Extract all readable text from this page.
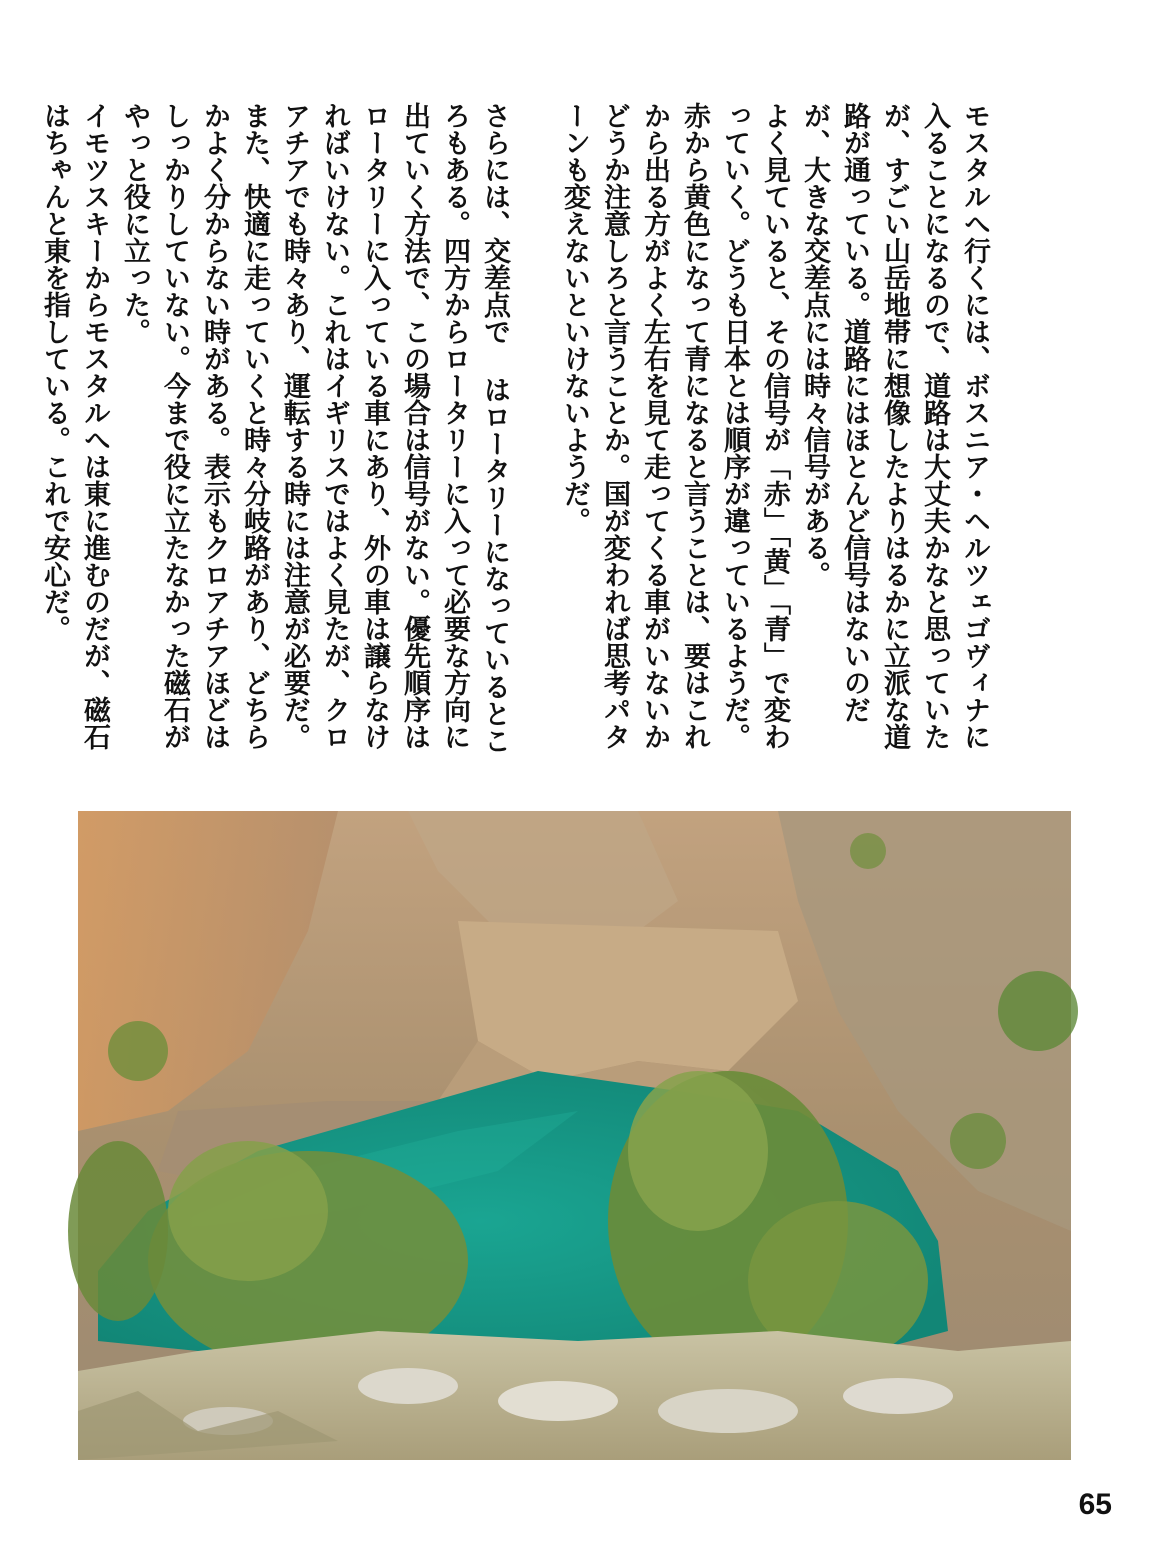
モスタルへ行くには、ボスニア・ヘルツェゴヴィナに入ることになるので、道路は大丈夫かなと思っていたが、すごい山岳地帯に想像したよりはるかに立派な道路が通っている。道路にはほとんど信号はないのだが、大きな交差点には時々信号がある。

よく見ていると、その信号が「赤」「黄」「青」で変わっていく。どうも日本とは順序が違っているようだ。赤から黄色になって青になると言うことは、要はこれから出る方がよく左右を見て走ってくる車がいないかどうか注意しろと言うことか。国が変われば思考パターンも変えないといけないようだ。

さらには、交差点で はロータリーになっているところもある。四方からロータリーに入って必要な方向に出ていく方法で、この場合は信号がない。優先順序はロータリーに入っている車にあり、外の車は譲らなければいけない。これはイギリスではよく見たが、クロアチアでも時々あり、運転する時には注意が必要だ。

また、快適に走っていくと時々分岐路があり、どちらかよく分からない時がある。表示もクロアチアほどはしっかりしていない。今まで役に立たなかった磁石がやっと役に立った。

イモツスキーからモスタルへは東に進むのだが、磁石はちゃんと東を指している。これで安心だ。

65
